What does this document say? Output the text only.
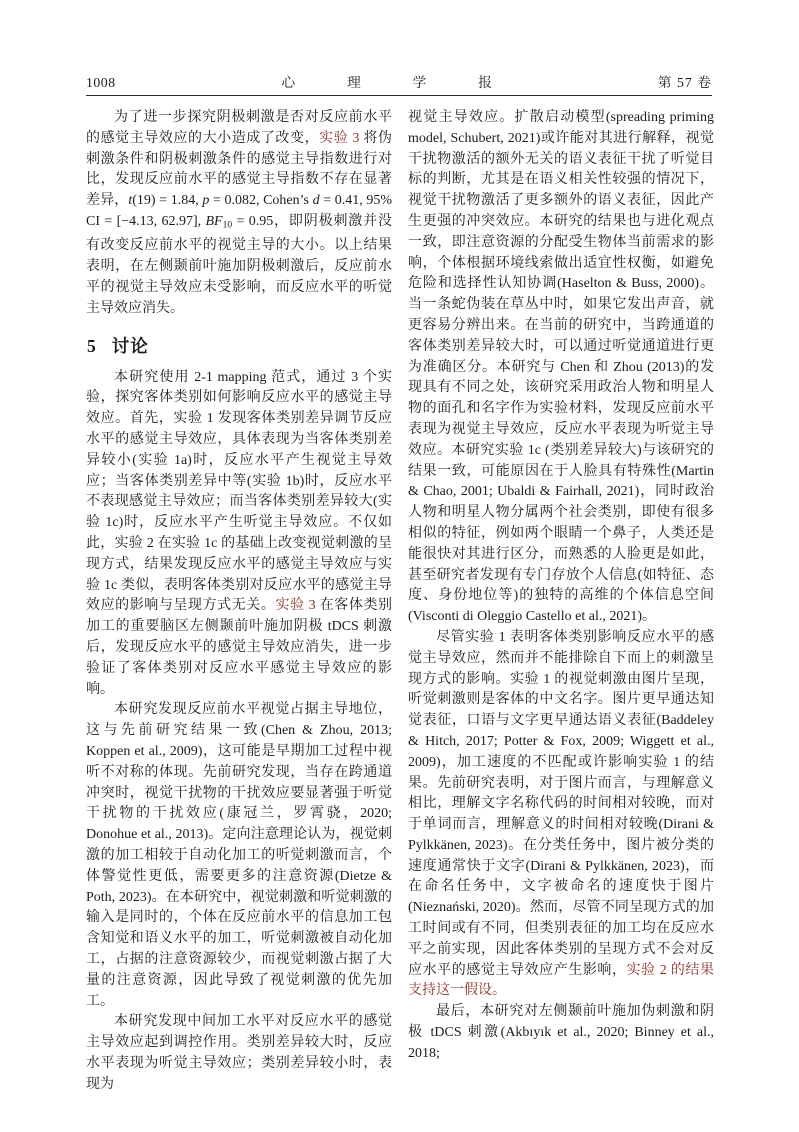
1008	心　理　学　报	第 57 卷

为了进一步探究阴极刺激是否对反应前水平的感觉主导效应的大小造成了改变，实验 3 将伪刺激条件和阴极刺激条件的感觉主导指数进行对比，发现反应前水平的感觉主导指数不存在显著差异，t(19) = 1.84, p = 0.082, Cohen’s d = 0.41, 95% CI = [−4.13, 62.97], $BF_{10} = 0.95$，即阴极刺激并没有改变反应前水平的视觉主导的大小。以上结果表明，在左侧颞前叶施加阴极刺激后，反应前水平的视觉主导效应未受影响，而反应水平的听觉主导效应消失。

5 讨论

本研究使用 2-1 mapping 范式，通过 3 个实验，探究客体类别如何影响反应水平的感觉主导效应。首先，实验 1 发现客体类别差异调节反应水平的感觉主导效应，具体表现为当客体类别差异较小(实验 1a)时，反应水平产生视觉主导效应；当客体类别差异中等(实验 1b)时，反应水平不表现感觉主导效应；而当客体类别差异较大(实验 1c)时，反应水平产生听觉主导效应。不仅如此，实验 2 在实验 1c 的基础上改变视觉刺激的呈现方式，结果发现反应水平的感觉主导效应与实验 1c 类似，表明客体类别对反应水平的感觉主导效应的影响与呈现方式无关。实验 3 在客体类别加工的重要脑区左侧颞前叶施加阴极 tDCS 刺激后，发现反应水平的感觉主导效应消失，进一步验证了客体类别对反应水平感觉主导效应的影响。

本研究发现反应前水平视觉占据主导地位，这与先前研究结果一致(Chen & Zhou, 2013; Koppen et al., 2009)，这可能是早期加工过程中视听不对称的体现。先前研究发现，当存在跨通道冲突时，视觉干扰物的干扰效应要显著强于听觉干扰物的干扰效应(康冠兰，罗霄骁，2020; Donohue et al., 2013)。定向注意理论认为，视觉刺激的加工相较于自动化加工的听觉刺激而言，个体警觉性更低，需要更多的注意资源(Dietze & Poth, 2023)。在本研究中，视觉刺激和听觉刺激的输入是同时的，个体在反应前水平的信息加工包含知觉和语义水平的加工，听觉刺激被自动化加工，占据的注意资源较少，而视觉刺激占据了大量的注意资源，因此导致了视觉刺激的优先加工。

本研究发现中间加工水平对反应水平的感觉主导效应起到调控作用。类别差异较大时，反应水平表现为听觉主导效应；类别差异较小时，表现为

视觉主导效应。扩散启动模型(spreading priming model, Schubert, 2021)或许能对其进行解释，视觉干扰物激活的额外无关的语义表征干扰了听觉目标的判断，尤其是在语义相关性较强的情况下，视觉干扰物激活了更多额外的语义表征，因此产生更强的冲突效应。本研究的结果也与进化观点一致，即注意资源的分配受生物体当前需求的影响，个体根据环境线索做出适宜性权衡，如避免危险和选择性认知协调(Haselton & Buss, 2000)。当一条蛇伪装在草丛中时，如果它发出声音，就更容易分辨出来。在当前的研究中，当跨通道的客体类别差异较大时，可以通过听觉通道进行更为准确区分。本研究与 Chen 和 Zhou (2013)的发现具有不同之处，该研究采用政治人物和明星人物的面孔和名字作为实验材料，发现反应前水平表现为视觉主导效应，反应水平表现为听觉主导效应。本研究实验 1c (类别差异较大)与该研究的结果一致，可能原因在于人脸具有特殊性(Martin & Chao, 2001; Ubaldi & Fairhall, 2021)，同时政治人物和明星人物分属两个社会类别，即使有很多相似的特征，例如两个眼睛一个鼻子，人类还是能很快对其进行区分，而熟悉的人脸更是如此，甚至研究者发现有专门存放个人信息(如特征、态度、身份地位等)的独特的高维的个体信息空间(Visconti di Oleggio Castello et al., 2021)。

尽管实验 1 表明客体类别影响反应水平的感觉主导效应，然而并不能排除自下而上的刺激呈现方式的影响。实验 1 的视觉刺激由图片呈现，听觉刺激则是客体的中文名字。图片更早通达知觉表征，口语与文字更早通达语义表征(Baddeley & Hitch, 2017; Potter & Fox, 2009; Wiggett et al., 2009)，加工速度的不匹配或许影响实验 1 的结果。先前研究表明，对于图片而言，与理解意义相比，理解文字名称代码的时间相对较晚，而对于单词而言，理解意义的时间相对较晚(Dirani & Pylkkänen, 2023)。在分类任务中，图片被分类的速度通常快于文字(Dirani & Pylkkänen, 2023)，而在命名任务中，文字被命名的速度快于图片(Nieznański, 2020)。然而，尽管不同呈现方式的加工时间或有不同，但类别表征的加工均在反应水平之前实现，因此客体类别的呈现方式不会对反应水平的感觉主导效应产生影响，实验 2 的结果支持这一假设。

最后，本研究对左侧颞前叶施加伪刺激和阴极 tDCS 刺激(Akbıyık et al., 2020; Binney et al., 2018;
